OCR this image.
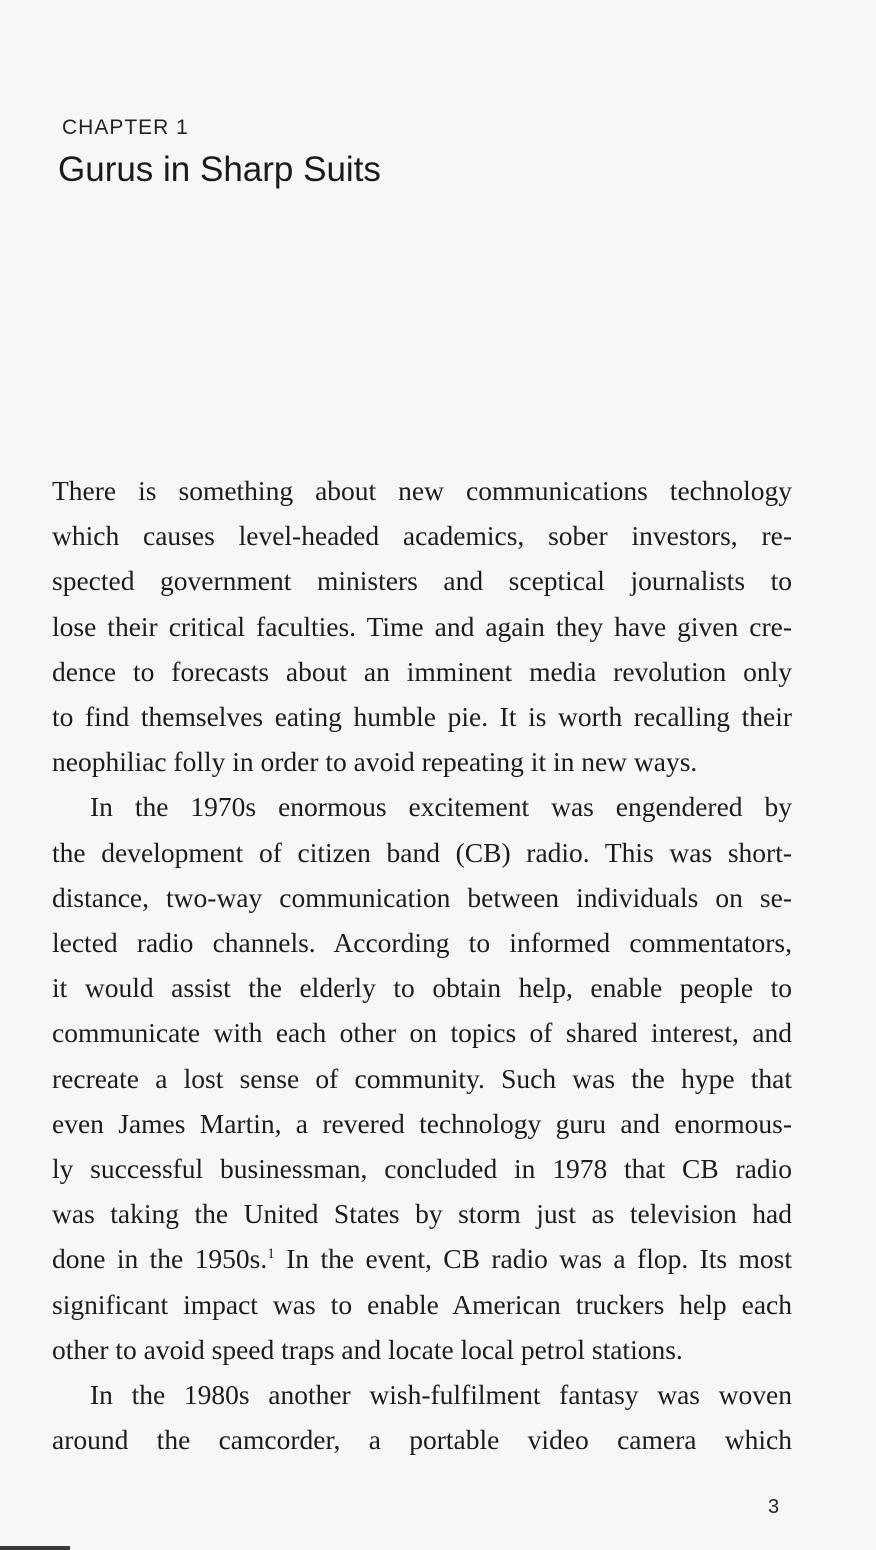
CHAPTER 1
Gurus in Sharp Suits

There is something about new communications technology
which causes level-headed academics, sober investors, re-
spected government ministers and sceptical journalists to
lose their critical faculties. Time and again they have given cre-
dence to forecasts about an imminent media revolution only
to find themselves eating humble pie. It is worth recalling their
neophiliac folly in order to avoid repeating it in new ways.

In the 1970s enormous excitement was engendered by
the development of citizen band (CB) radio. This was short-
distance, two-way communication between individuals on se-
lected radio channels. According to informed commentators,
it would assist the elderly to obtain help, enable people to
communicate with each other on topics of shared interest, and
recreate a lost sense of community. Such was the hype that
even James Martin, a revered technology guru and enormous-
ly successful businessman, concluded in 1978 that CB radio
was taking the United States by storm just as television had
done in the 1950s.$^1$ In the event, CB radio was a flop. Its most
significant impact was to enable American truckers help each
other to avoid speed traps and locate local petrol stations.

In the 1980s another wish-fulfilment fantasy was woven
around the camcorder, a portable video camera which

3
